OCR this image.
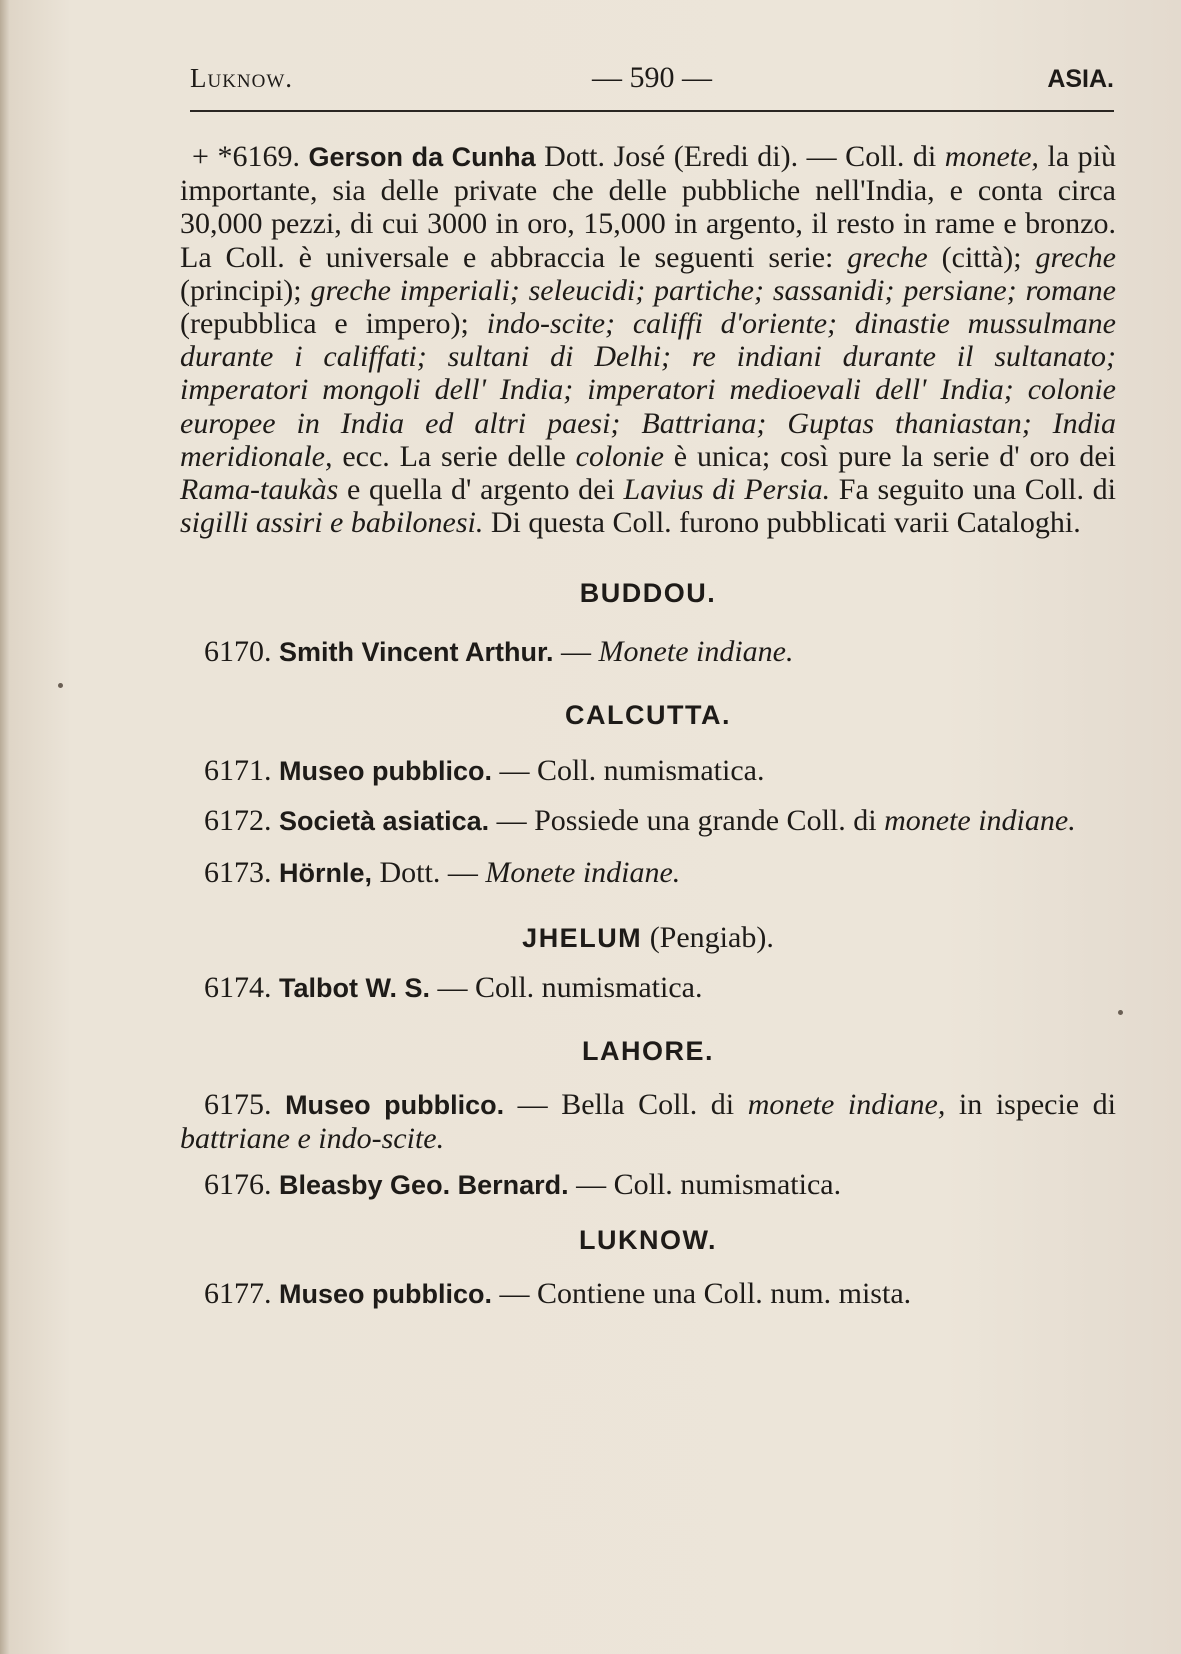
Luknow.	— 590 —	ASIA.

+ *6169. Gerson da Cunha Dott. José (Eredi di). — Coll. di monete, la più importante, sia delle private che delle pubbliche nell'India, e conta circa 30,000 pezzi, di cui 3000 in oro, 15,000 in argento, il resto in rame e bronzo. La Coll. è universale e abbraccia le seguenti serie: greche (città); greche (principi); greche imperiali; seleucidi; partiche; sassanidi; persiane; romane (repubblica e impero); indo-scite; califfi d'oriente; dinastie mussulmane durante i califfati; sultani di Delhi; re indiani durante il sultanato; imperatori mongoli dell' India; imperatori medioevali dell' India; colonie europee in India ed altri paesi; Battriana; Guptas thaniastan; India meridionale, ecc. La serie delle colonie è unica; così pure la serie d' oro dei Rama-taukàs e quella d' argento dei Lavius di Persia. Fa seguito una Coll. di sigilli assiri e babilonesi. Di questa Coll. furono pubblicati varii Cataloghi.

BUDDOU.

6170. Smith Vincent Arthur. — Monete indiane.

CALCUTTA.

6171. Museo pubblico. — Coll. numismatica.

6172. Società asiatica. — Possiede una grande Coll. di monete indiane.

6173. Hörnle, Dott. — Monete indiane.

JHELUM (Pengiab).

6174. Talbot W. S. — Coll. numismatica.

LAHORE.

6175. Museo pubblico. — Bella Coll. di monete indiane, in ispecie di battriane e indo-scite.

6176. Bleasby Geo. Bernard. — Coll. numismatica.

LUKNOW.

6177. Museo pubblico. — Contiene una Coll. num. mista.
